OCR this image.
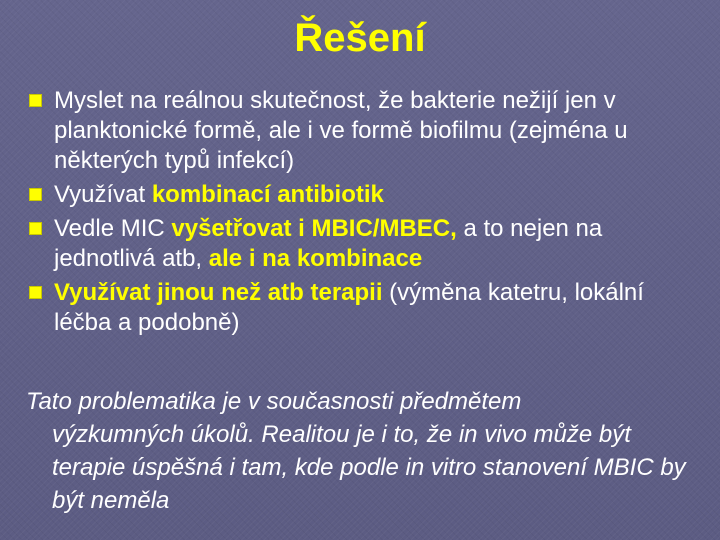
Řešení
Myslet na reálnou skutečnost, že bakterie nežijí jen v planktonické formě, ale i ve formě biofilmu (zejména u některých typů infekcí)
Využívat kombinací antibiotik
Vedle MIC vyšetřovat i MBIC/MBEC, a to nejen na jednotlivá atb, ale i na kombinace
Využívat jinou než atb terapii (výměna katetru, lokální léčba a podobně)

Tato problematika je v současnosti předmětem
výzkumných úkolů. Realitou je i to, že in vivo může být terapie úspěšná i tam, kde podle in vitro stanovení MBIC by být neměla
